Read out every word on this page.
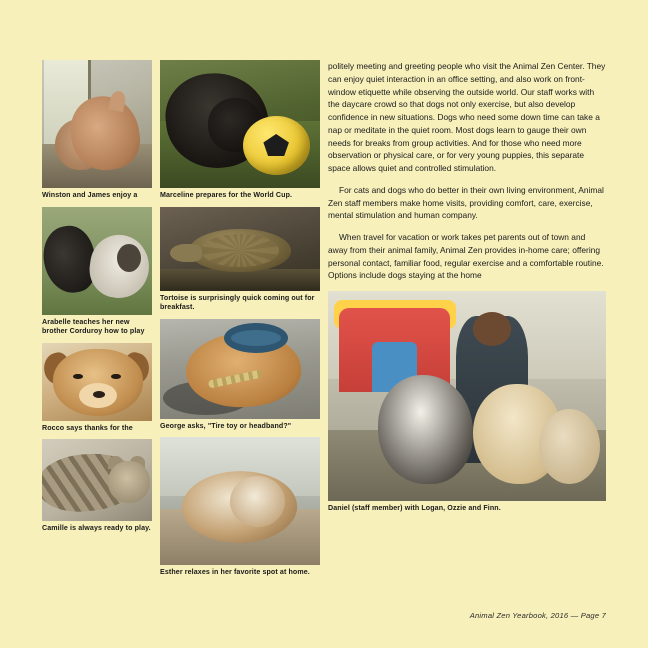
Winston and James enjoy a
Arabelle teaches her new brother Corduroy how to play
Rocco says thanks for the
Camille is always ready to play.
Marceline prepares for the World Cup.
Tortoise is surprisingly quick coming out for breakfast.
George asks, "Tire toy or headband?"
Esther relaxes in her favorite spot at home.

politely meeting and greeting people who visit the Animal Zen Center. They can enjoy quiet interaction in an office setting, and also work on front-window etiquette while observing the outside world. Our staff works with the daycare crowd so that dogs not only exercise, but also develop confidence in new situations. Dogs who need some down time can take a nap or meditate in the quiet room. Most dogs learn to gauge their own needs for breaks from group activities. And for those who need more observation or physical care, or for very young puppies, this separate space allows quiet and controlled stimulation.

For cats and dogs who do better in their own living environment, Animal Zen staff members make home visits, providing comfort, care, exercise, mental stimulation and human company.

When travel for vacation or work takes pet parents out of town and away from their animal family, Animal Zen provides in-home care; offering personal contact, familiar food, regular exercise and a comfortable routine. Options include dogs staying at the home

Daniel (staff member) with Logan, Ozzie and Finn.
Animal Zen Yearbook, 2016 — Page 7
